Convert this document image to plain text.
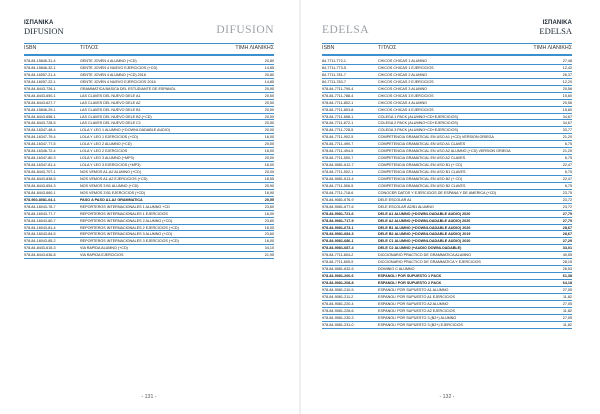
ΙΣΠΑΝΙΚΑ
DIFUSION	DIFUSION
ISBN	ΤΙΤΛΟΣ	ΤΙΜΗ ΛΙΑΝΙΚΗΣ
978-84-15846-31-4	GENTE JOVEN 4 ALUMNO (+CD)	20,80
978-84-15846-32-1	GENTE JOVEN 4 NUEVO EJERCICIOS (+CD)	14,85
978-84-16057-21-4	GENTE JOVEN 4 ALUMNO (+CD) 2016	20,80
978-84-16057-22-1	GENTE JOVEN 4 NUEVO EJERCICIOS 2016	14,85
978-84-8443-726-1	GRAMMATICA BASICA DEL ESTUDIANTE DE ESPANOL	20,90
978-84-8443-650-1	LAS CLAVES DEL NUEVO DELE A1	20,50
978-84-8443-627-7	LAS CLAVES DEL NUEVO DELE A2	20,50
978-84-15846-29-1	LAS CLAVES DEL NUEVO DELE B1	20,50
978-84-8443-658-1	LAS CLAVES DEL NUEVO DELE B2 (+CD)	20,50
978-84-8443-728-5	LAS CLAVES DEL NUEVO DELE C1	20,50
978-84-16347-48-4	LOLA Y LEO 1 ALUMNO (+DOWNLOADABLE AUDIO)	20,00
978-84-16347-79-4	LOLA Y LEO 1 EJERCICIOS (+CD)	16,00
978-84-16347-77-5	LOLA Y LEO 2 ALUMNO (+CD)	20,00
978-84-16346-72-4	LOLA Y LEO 2 EJERCICIOS	16,00
978-84-16347-80-3	LOLA Y LEO 3 ALUMNO (+MP3)	20,00
978-84-16347-81-4	LOLA Y LEO 3 EJERCICIOS (+MP3)	16,00
978-84-8443-707-1	NOS VEMOS A1-A2 ALUMNO (+CD)	20,00
978-84-8443-838-5	NOS VEMOS A1-A2 EJERCICIOS (+CD)	18,55
978-84-8443-654-3	NOS VEMOS 3 B1 ALUMNO (+CD)	20,90
978-84-8443-660-1	NOS VEMOS 3 B1 EJERCICIOS (+CD)	16,90
978-960-8081-64-1	PASO A PASO A1-A2 GRAMMATICA	20,55
978-84-16043-76-7	REPORTEROS INTERNACIONALES 1 ALUMNO +CD	23,60
978-84-16043-77-7	REPORTEROS INTERNACIONALES 1 EJERCICIOS	16,00
978-84-16043-80-7	REPORTEROS INTERNACIONALES 2 ALUMNO (+CD)	23,60
978-84-16043-81-4	REPORTEROS INTERNACIONALES 2 EJERCICIOS (+CD)	16,00
978-84-16043-84-5	REPORTEROS INTERNACIONALES 3 ALUMNO (+CD)	23,60
978-84-16043-85-2	REPORTEROS INTERNACIONALES 3 EJERCICIOS (+CD)	16,00
978-84-8443-615-3	VIA RAPIDA ALUMNO (+CD)	34,10
978-84-8443-636-8	VIA RAPIDA EJERCICIOS	21,95
- 131 -
EDELSA
ΙΣΠΑΝΙΚΑ
EDELSA
ISBN	ΤΙΤΛΟΣ	ΤΙΜΗ ΛΙΑΝΙΚΗΣ
84-7711-772-1	CHICOS CHICAS 1 ALUMNO	27,48
84-7711-773-5	CHICOS CHICAS 1 EJERCICIOS	12,42
84-7711-781-7	CHICOS CHICAS 2 ALUMNO	26,37
84-7711-783-7	CHICOS CHICAS 2 EJERCICIOS	12,20
978-84-7711-790-4	CHICOS CHICAS 3 ALUMNO	20,56
978-84-7711-788-4	CHICOS CHICAS 3 EJERCICIOS	15,60
978-84-7711-802-1	CHICOS CHICAS 4 ALUMNO	20,56
978-84-7711-803-8	CHICOS CHICAS 4 EJERCICIOS	15,60
978-84-7711-698-1	COLEGA 1 PACK (ALUMNO+CD+EJERCICIOS)	34,67
978-84-7711-672-1	COLEGA 2 PACK (ALUMNO+CD+EJERCICIOS)	34,67
978-84-7711-728-5	COLEGA 3 PACK (ALUMNO+CD+EJERCICIOS)	33,77
978-84-7711-902-5	COMPETENCIA GRAMATICAL EN USO A1 (+CD) VERSION GRIEGA	21,20
978-84-7711-490-7	COMPETENCIA GRAMATICAL EN USO A1 CLAVES	6,75
978-84-7711-494-5	COMPETENCIA GRAMATICAL EN USO A2 ALUMNO (+CD) VERSION GRIEGA	21,20
978-84-7711-500-7	COMPETENCIA GRAMATICAL EN USO A2 CLAVES	6,75
978-84-9081-612-7	COMPETENCIA GRAMATICAL EN USO B1 (+ CD)	22,47
978-84-7711-502-1	COMPETENCIA GRAMATICAL EN USO B1 CLAVES	6,75
978-84-9081-613-4	COMPETENCIA GRAMATICAL EN USO B2 (+ CD)	22,47
978-84-7711-506-5	COMPETENCIA GRAMATICAL EN USO B2 CLAVES	6,75
978-84-7711-718-6	CONOCER DATOS Y EJERCICIOS DE ESPANA Y DE AMERICA (+CD)	23,75
978-84-9081-676-9	DELE ESCOLAR A1	23,72
978-84-9081-677-6	DELE ESCOLAR A2/B1 ALUMNO	23,72
978-84-9081-721-6	DELE A1 ALUMNO (+DOWNLOADABLE AUDIO) 2020	27,79
978-84-9081-717-9	DELE A2 ALUMNO (+DOWNLOADABLE AUDIO) 2020	27,79
978-84-9081-673-1	DELE B1 ALUMNO (+DOWNLOADABLE AUDIO) 2020	28,67
978-84-9081-684-3	DELE B2 ALUMNO (+DOWNLOADABLE AUDIO) 2019	28,67
978-84-9081-686-1	DELE C1 ALUMNO (+DOWNLOADABLE AUDIO) 2020	27,29
978-84-9081-687-4	DELE C2 ALUMNO (+AUDIO DOWNLOADABLE)	33,01
978-84-7711-604-2	DICCIONARIO PRACTICO DE GRAMMATICA ALUMNO	40,55
978-84-7711-605-9	DICCIONARIO PRACTICO DE GRAMMATICA Y EJERCICIOS	28,15
978-84-9081-632-5	DOMINIO C ALUMNO	26,53
978-84-9081-200-6	ESPANOL! POR SUPUESTO 1 PACK	61,38
978-84-9081-208-8	ESPANOL! POR SUPUESTO 2 PACK	64,18
978-84-9081-210-5	ESPANOL! POR SUPUESTO A1 ALUMNO	27,05
978-84-9081-211-2	ESPANOL! POR SUPUESTO A1 EJERCICIOS	11,82
978-84-9081-220-4	ESPANOL! POR SUPUESTO A2 ALUMNO	27,05
978-84-9081-226-6	ESPANOL! POR SUPUESTO A2 EJERCICIOS	11,82
978-84-9081-230-3	ESPANOL! POR SUPUESTO 3 (B2+) ALUMNO	27,05
978-84-9081-231-0	ESPANOL! POR SUPUESTO 3 (B2+) EJERCICIOS	11,82
- 132 -
